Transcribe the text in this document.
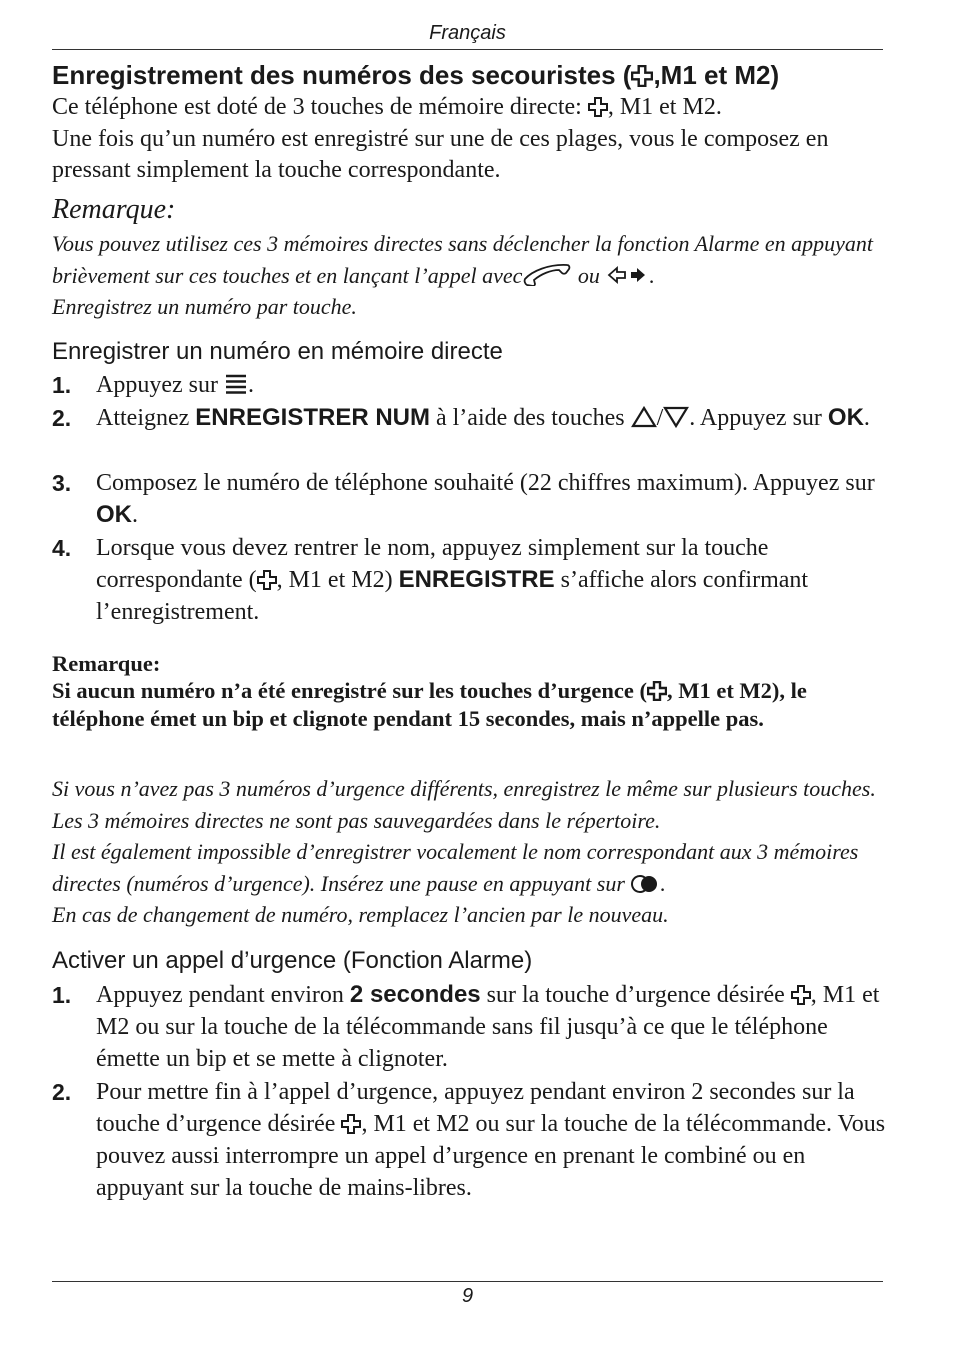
Français
Enregistrement des numéros des secouristes ( ,M1 et M2)
Ce téléphone est doté de 3 touches de mémoire directe: , M1 et M2.
Une fois qu’un numéro est enregistré sur une de ces plages, vous le composez en pressant simplement la touche correspondante.
Remarque:
Vous pouvez utilisez ces 3 mémoires directes sans déclencher la fonction Alarme en appuyant brièvement sur ces touches et en lançant l’appel avec ou .
Enregistrez un numéro par touche.
Enregistrer un numéro en mémoire directe
1. Appuyez sur .
2. Atteignez ENREGISTRER NUM à l’aide des touches / . Appuyez sur OK.
3. Composez le numéro de téléphone souhaité (22 chiffres maximum). Appuyez sur OK.
4. Lorsque vous devez rentrer le nom, appuyez simplement sur la touche correspondante ( , M1 et M2) ENREGISTRE s’affiche alors confirmant l’enregistrement.
Remarque:
Si aucun numéro n’a été enregistré sur les touches d’urgence ( , M1 et M2), le téléphone émet un bip et clignote pendant 15 secondes, mais n’appelle pas.
Si vous n’avez pas 3 numéros d’urgence différents, enregistrez le même sur plusieurs touches.
Les 3 mémoires directes ne sont pas sauvegardées dans le répertoire.
Il est également impossible d’enregistrer vocalement le nom correspondant aux 3 mémoires directes (numéros d’urgence). Insérez une pause en appuyant sur .
En cas de changement de numéro, remplacez l’ancien par le nouveau.
Activer un appel d’urgence (Fonction Alarme)
1. Appuyez pendant environ 2 secondes sur la touche d’urgence désirée , M1 et M2 ou sur la touche de la télécommande sans fil jusqu’à ce que le téléphone émette un bip et se mette à clignoter.
2. Pour mettre fin à l’appel d’urgence, appuyez pendant environ 2 secondes sur la touche d’urgence désirée , M1 et M2 ou sur la touche de la télécommande. Vous pouvez aussi interrompre un appel d’urgence en prenant le combiné ou en appuyant sur la touche de mains-libres.
9
